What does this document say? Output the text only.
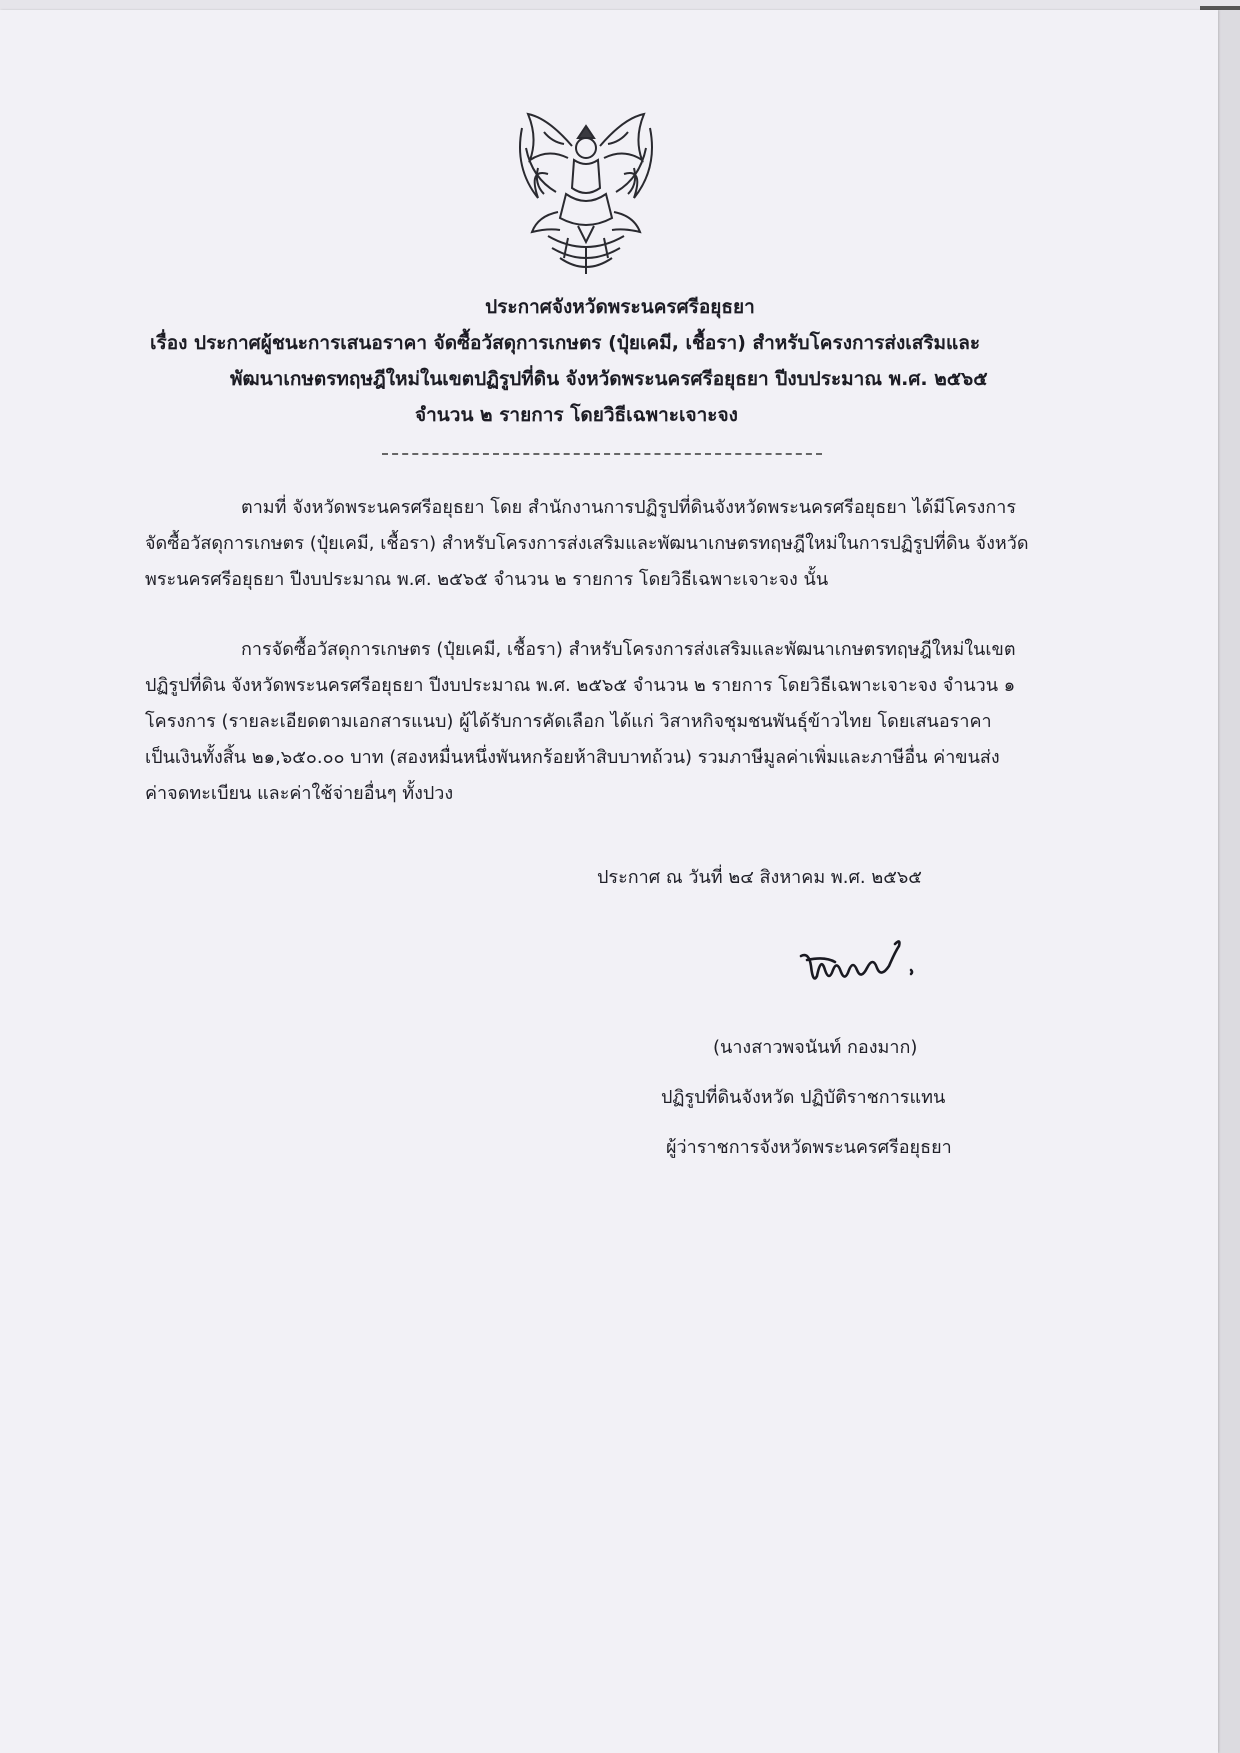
ประกาศจังหวัดพระนครศรีอยุธยา
เรื่อง ประกาศผู้ชนะการเสนอราคา จัดซื้อวัสดุการเกษตร (ปุ๋ยเคมี, เชื้อรา) สำหรับโครงการส่งเสริมและ
พัฒนาเกษตรทฤษฎีใหม่ในเขตปฏิรูปที่ดิน จังหวัดพระนครศรีอยุธยา ปีงบประมาณ พ.ศ. ๒๕๖๕
จำนวน ๒ รายการ โดยวิธีเฉพาะเจาะจง
ตามที่ จังหวัดพระนครศรีอยุธยา โดย สำนักงานการปฏิรูปที่ดินจังหวัดพระนครศรีอยุธยา ได้มีโครงการ
จัดซื้อวัสดุการเกษตร (ปุ๋ยเคมี, เชื้อรา) สำหรับโครงการส่งเสริมและพัฒนาเกษตรทฤษฎีใหม่ในการปฏิรูปที่ดิน จังหวัด
พระนครศรีอยุธยา ปีงบประมาณ พ.ศ. ๒๕๖๕ จำนวน ๒ รายการ โดยวิธีเฉพาะเจาะจง นั้น
การจัดซื้อวัสดุการเกษตร (ปุ๋ยเคมี, เชื้อรา) สำหรับโครงการส่งเสริมและพัฒนาเกษตรทฤษฎีใหม่ในเขต
ปฏิรูปที่ดิน จังหวัดพระนครศรีอยุธยา ปีงบประมาณ พ.ศ. ๒๕๖๕ จำนวน ๒ รายการ โดยวิธีเฉพาะเจาะจง จำนวน ๑
โครงการ (รายละเอียดตามเอกสารแนบ) ผู้ได้รับการคัดเลือก ได้แก่ วิสาหกิจชุมชนพันธุ์ข้าวไทย โดยเสนอราคา
เป็นเงินทั้งสิ้น ๒๑,๖๕๐.๐๐ บาท (สองหมื่นหนึ่งพันหกร้อยห้าสิบบาทถ้วน) รวมภาษีมูลค่าเพิ่มและภาษีอื่น ค่าขนส่ง
ค่าจดทะเบียน และค่าใช้จ่ายอื่นๆ ทั้งปวง
ประกาศ ณ วันที่ ๒๔ สิงหาคม พ.ศ. ๒๕๖๕
(นางสาวพจนันท์ กองมาก)
ปฏิรูปที่ดินจังหวัด ปฏิบัติราชการแทน
ผู้ว่าราชการจังหวัดพระนครศรีอยุธยา
